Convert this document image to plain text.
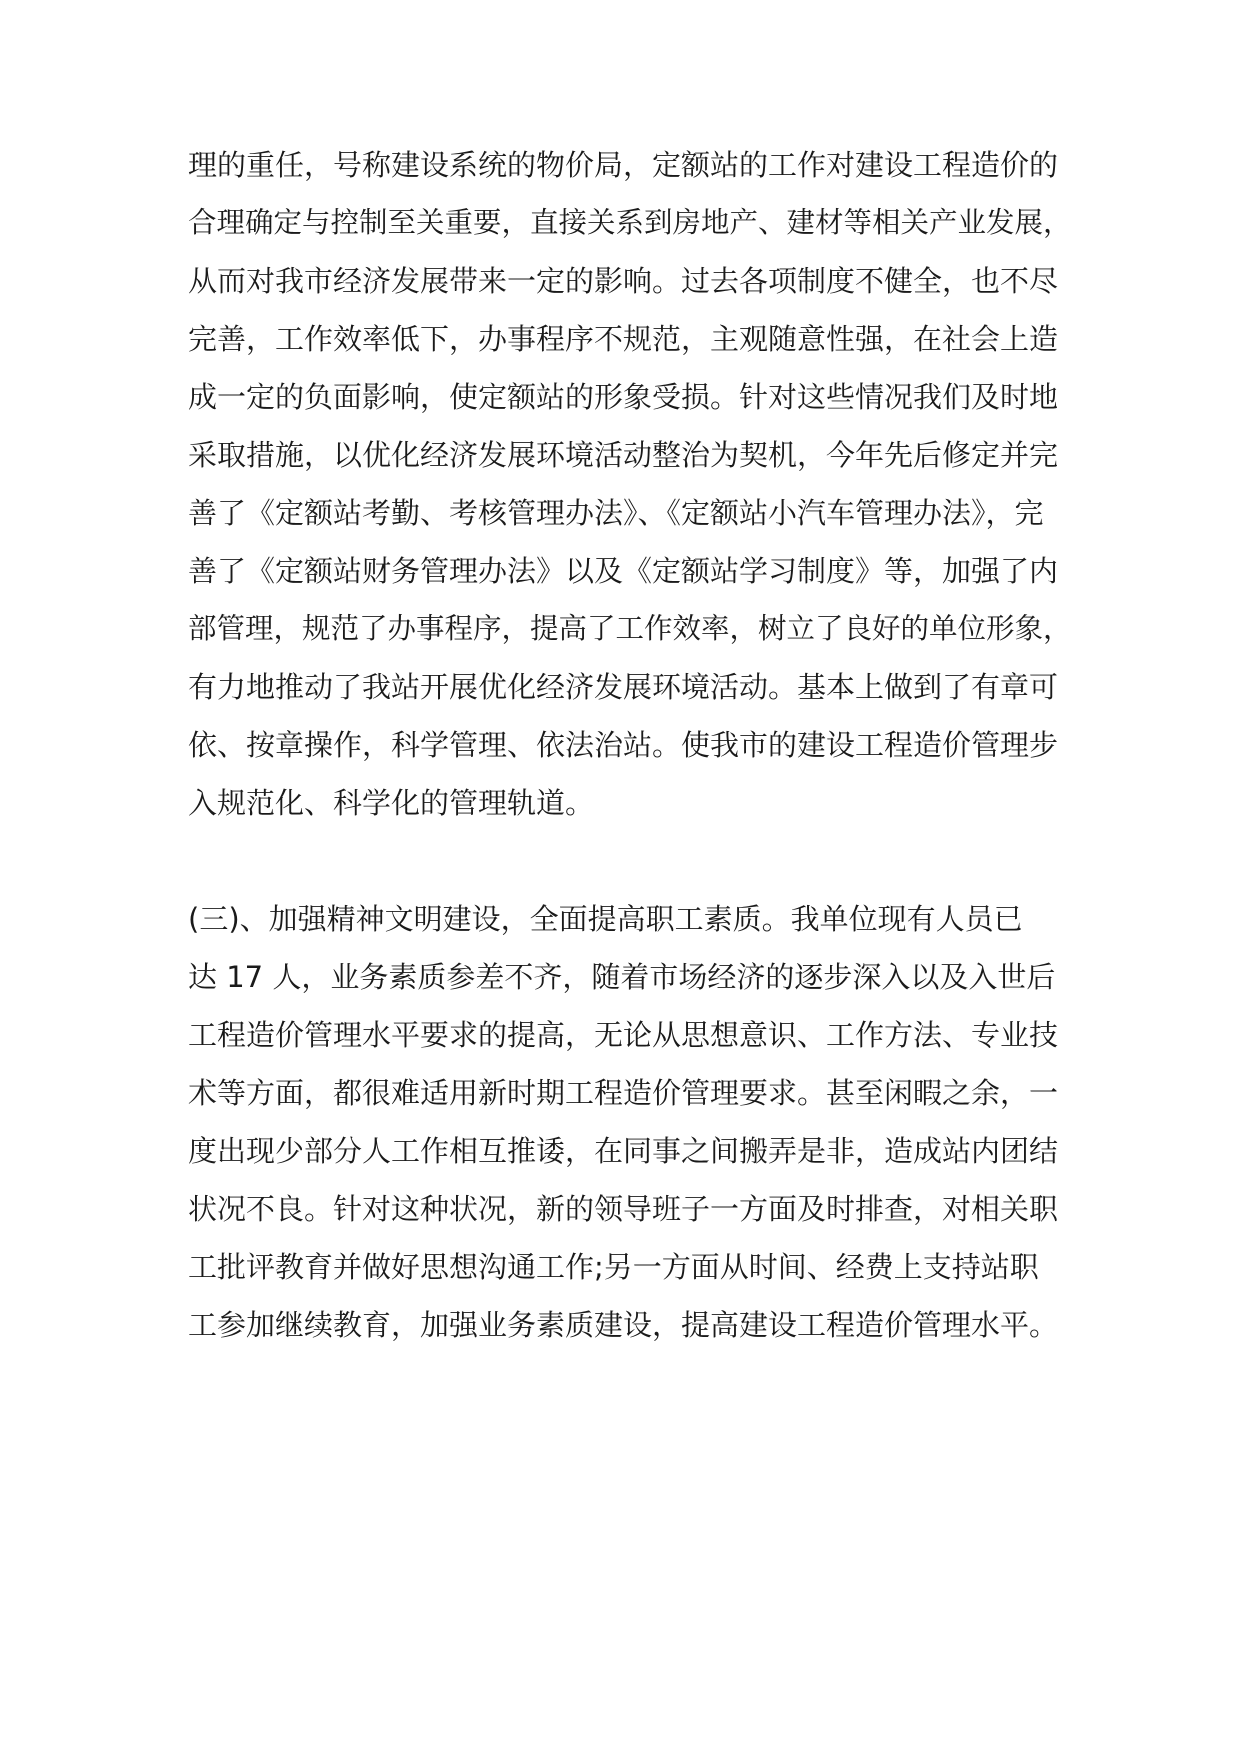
理的重任，号称建设系统的物价局，定额站的工作对建设工程造价的
合理确定与控制至关重要，直接关系到房地产、建材等相关产业发展，
从而对我市经济发展带来一定的影响。过去各项制度不健全，也不尽
完善，工作效率低下，办事程序不规范，主观随意性强，在社会上造
成一定的负面影响，使定额站的形象受损。针对这些情况我们及时地
采取措施，以优化经济发展环境活动整治为契机，今年先后修定并完
善了《定额站考勤、考核管理办法》、《定额站小汽车管理办法》，完
善了《定额站财务管理办法》以及《定额站学习制度》等，加强了内
部管理，规范了办事程序，提高了工作效率，树立了良好的单位形象，
有力地推动了我站开展优化经济发展环境活动。基本上做到了有章可
依、按章操作，科学管理、依法治站。使我市的建设工程造价管理步
入规范化、科学化的管理轨道。
(三)、加强精神文明建设，全面提高职工素质。我单位现有人员已
达 17 人，业务素质参差不齐，随着市场经济的逐步深入以及入世后
工程造价管理水平要求的提高，无论从思想意识、工作方法、专业技
术等方面，都很难适用新时期工程造价管理要求。甚至闲暇之余，一
度出现少部分人工作相互推诿，在同事之间搬弄是非，造成站内团结
状况不良。针对这种状况，新的领导班子一方面及时排查，对相关职
工批评教育并做好思想沟通工作;另一方面从时间、经费上支持站职
工参加继续教育，加强业务素质建设，提高建设工程造价管理水平。
